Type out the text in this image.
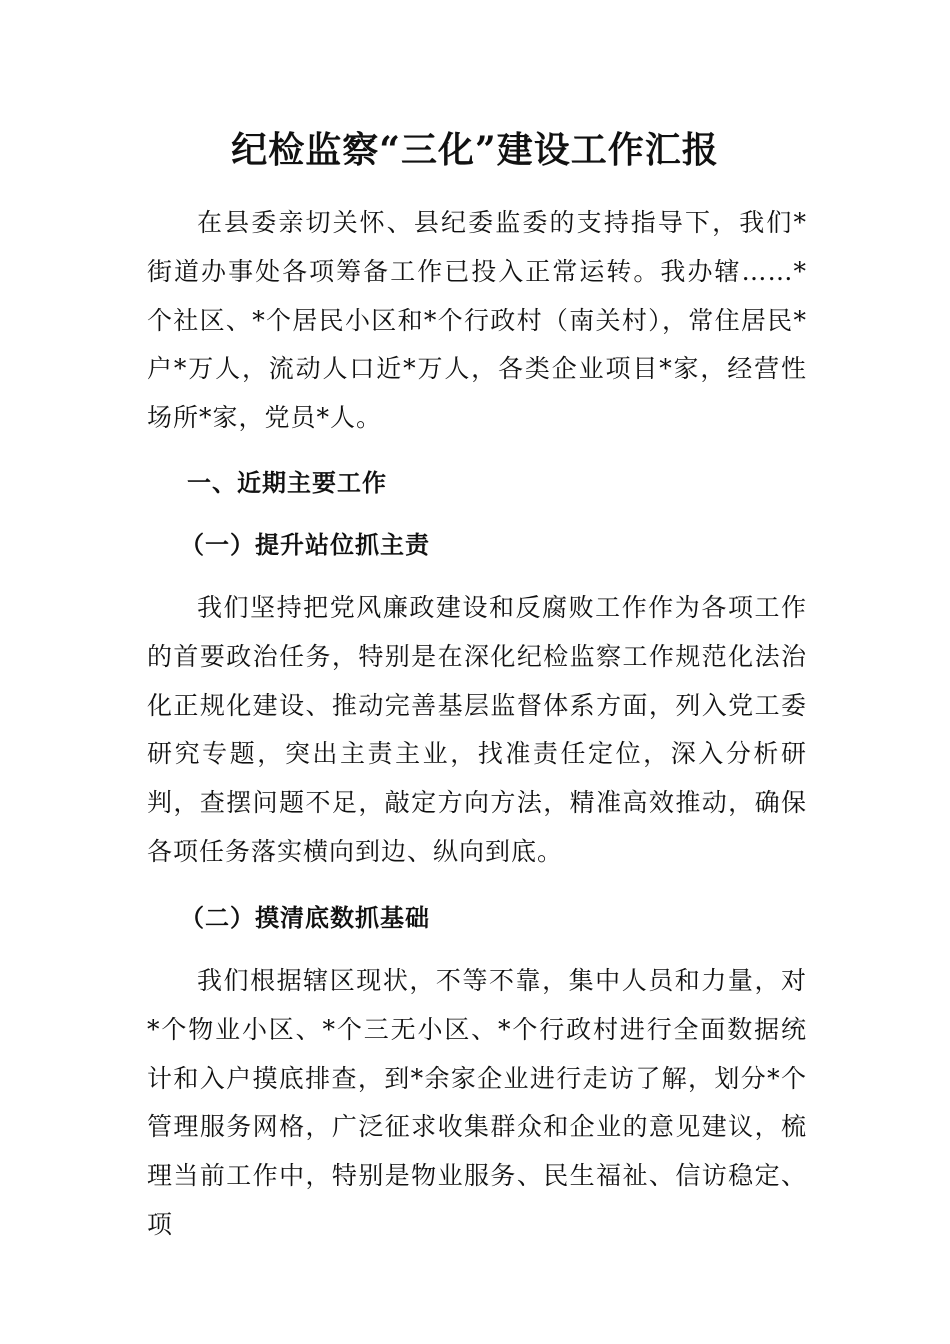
纪检监察“三化”建设工作汇报

在县委亲切关怀、县纪委监委的支持指导下，我们*街道办事处各项筹备工作已投入正常运转。我办辖……*个社区、*个居民小区和*个行政村（南关村），常住居民*户*万人，流动人口近*万人，各类企业项目*家，经营性场所*家，党员*人。

一、近期主要工作
（一）提升站位抓主责

我们坚持把党风廉政建设和反腐败工作作为各项工作的首要政治任务，特别是在深化纪检监察工作规范化法治化正规化建设、推动完善基层监督体系方面，列入党工委研究专题，突出主责主业，找准责任定位，深入分析研判，查摆问题不足，敲定方向方法，精准高效推动，确保各项任务落实横向到边、纵向到底。

（二）摸清底数抓基础

我们根据辖区现状，不等不靠，集中人员和力量，对*个物业小区、*个三无小区、*个行政村进行全面数据统计和入户摸底排查，到*余家企业进行走访了解，划分*个管理服务网格，广泛征求收集群众和企业的意见建议，梳理当前工作中，特别是物业服务、民生福祉、信访稳定、项
